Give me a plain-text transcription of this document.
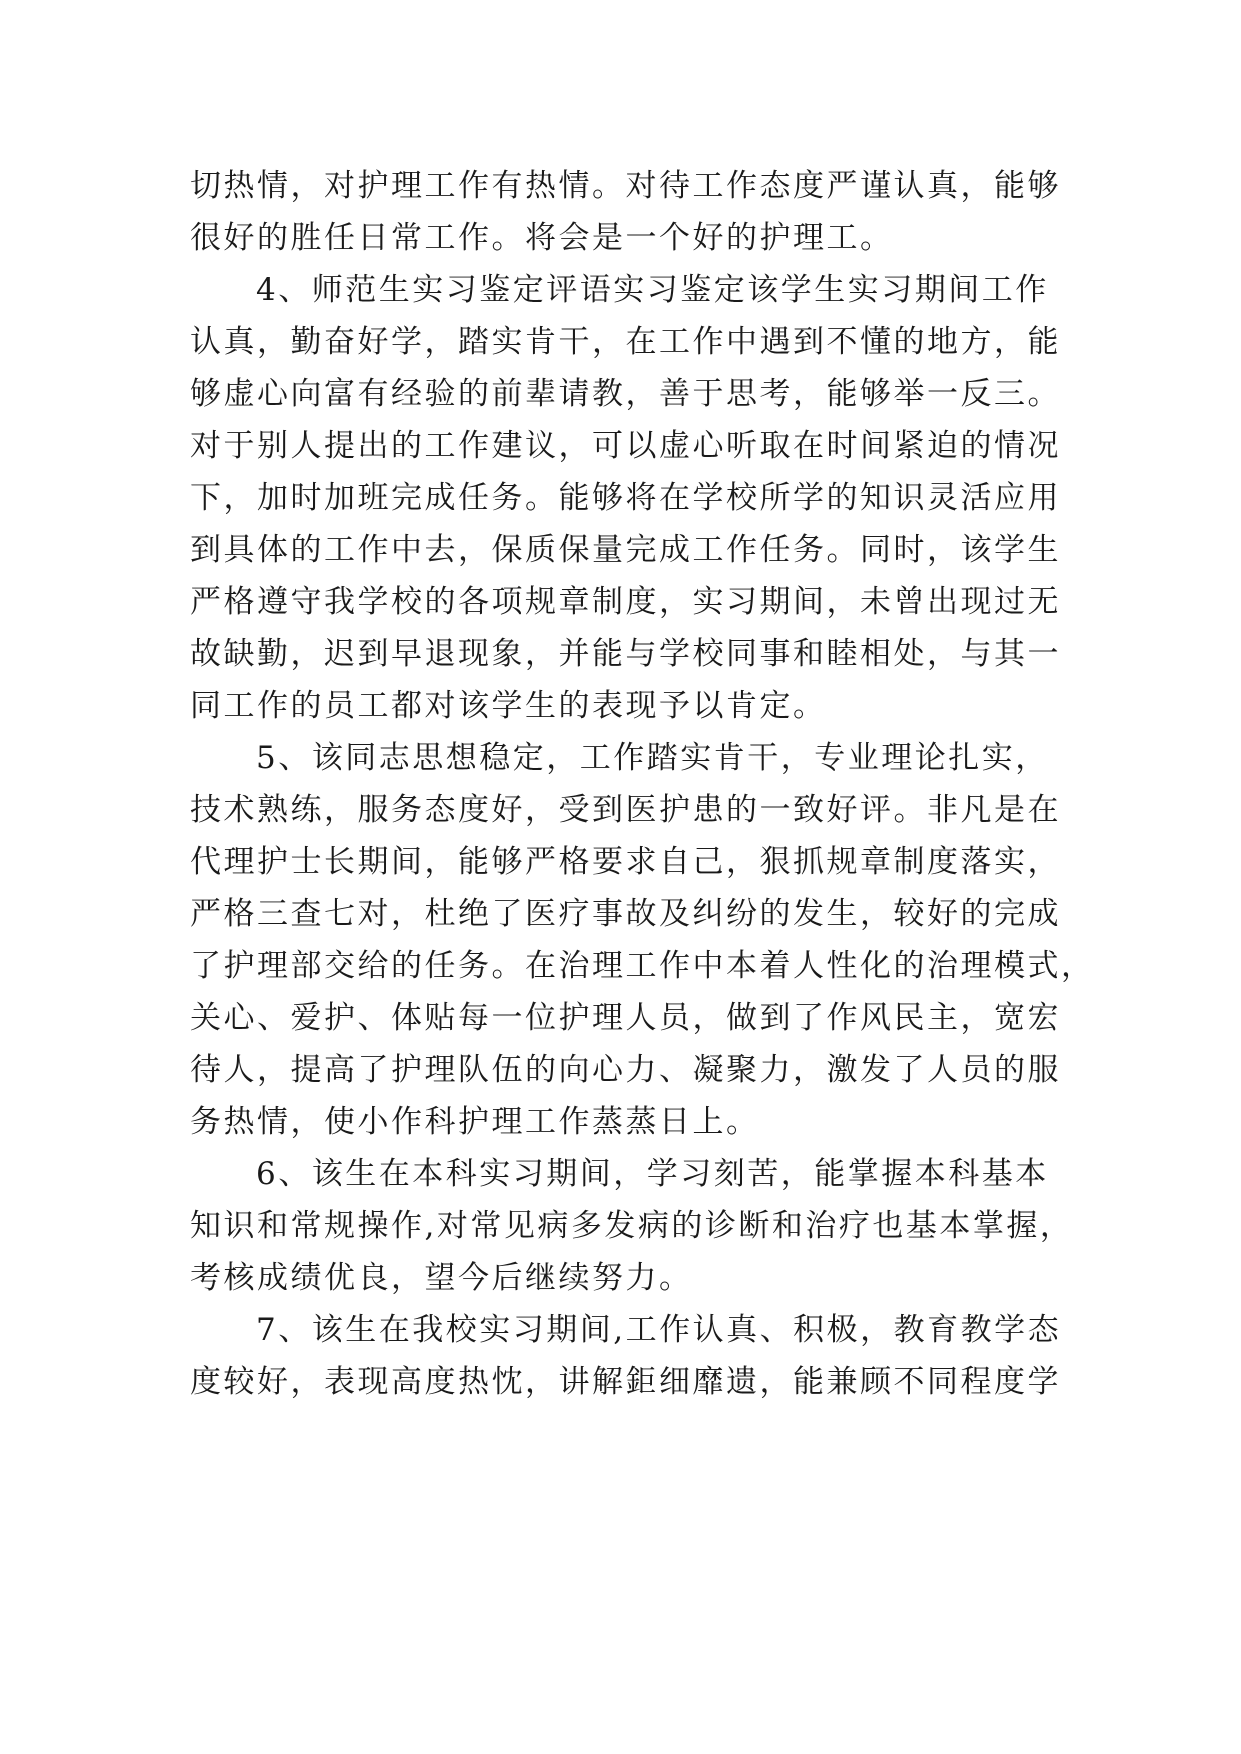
切热情，对护理工作有热情。对待工作态度严谨认真，能够
很好的胜任日常工作。将会是一个好的护理工。
4、师范生实习鉴定评语实习鉴定该学生实习期间工作
认真，勤奋好学，踏实肯干，在工作中遇到不懂的地方，能
够虚心向富有经验的前辈请教，善于思考，能够举一反三。
对于别人提出的工作建议，可以虚心听取在时间紧迫的情况
下，加时加班完成任务。能够将在学校所学的知识灵活应用
到具体的工作中去，保质保量完成工作任务。同时，该学生
严格遵守我学校的各项规章制度，实习期间，未曾出现过无
故缺勤，迟到早退现象，并能与学校同事和睦相处，与其一
同工作的员工都对该学生的表现予以肯定。
5、该同志思想稳定，工作踏实肯干，专业理论扎实，
技术熟练，服务态度好，受到医护患的一致好评。非凡是在
代理护士长期间，能够严格要求自己，狠抓规章制度落实，
严格三查七对，杜绝了医疗事故及纠纷的发生，较好的完成
了护理部交给的任务。在治理工作中本着人性化的治理模式，
关心、爱护、体贴每一位护理人员，做到了作风民主，宽宏
待人，提高了护理队伍的向心力、凝聚力，激发了人员的服
务热情，使小作科护理工作蒸蒸日上。
6、该生在本科实习期间，学习刻苦，能掌握本科基本
知识和常规操作,对常见病多发病的诊断和治疗也基本掌握，
考核成绩优良，望今后继续努力。
7、该生在我校实习期间,工作认真、积极，教育教学态
度较好，表现高度热忱，讲解鉅细靡遗，能兼顾不同程度学
